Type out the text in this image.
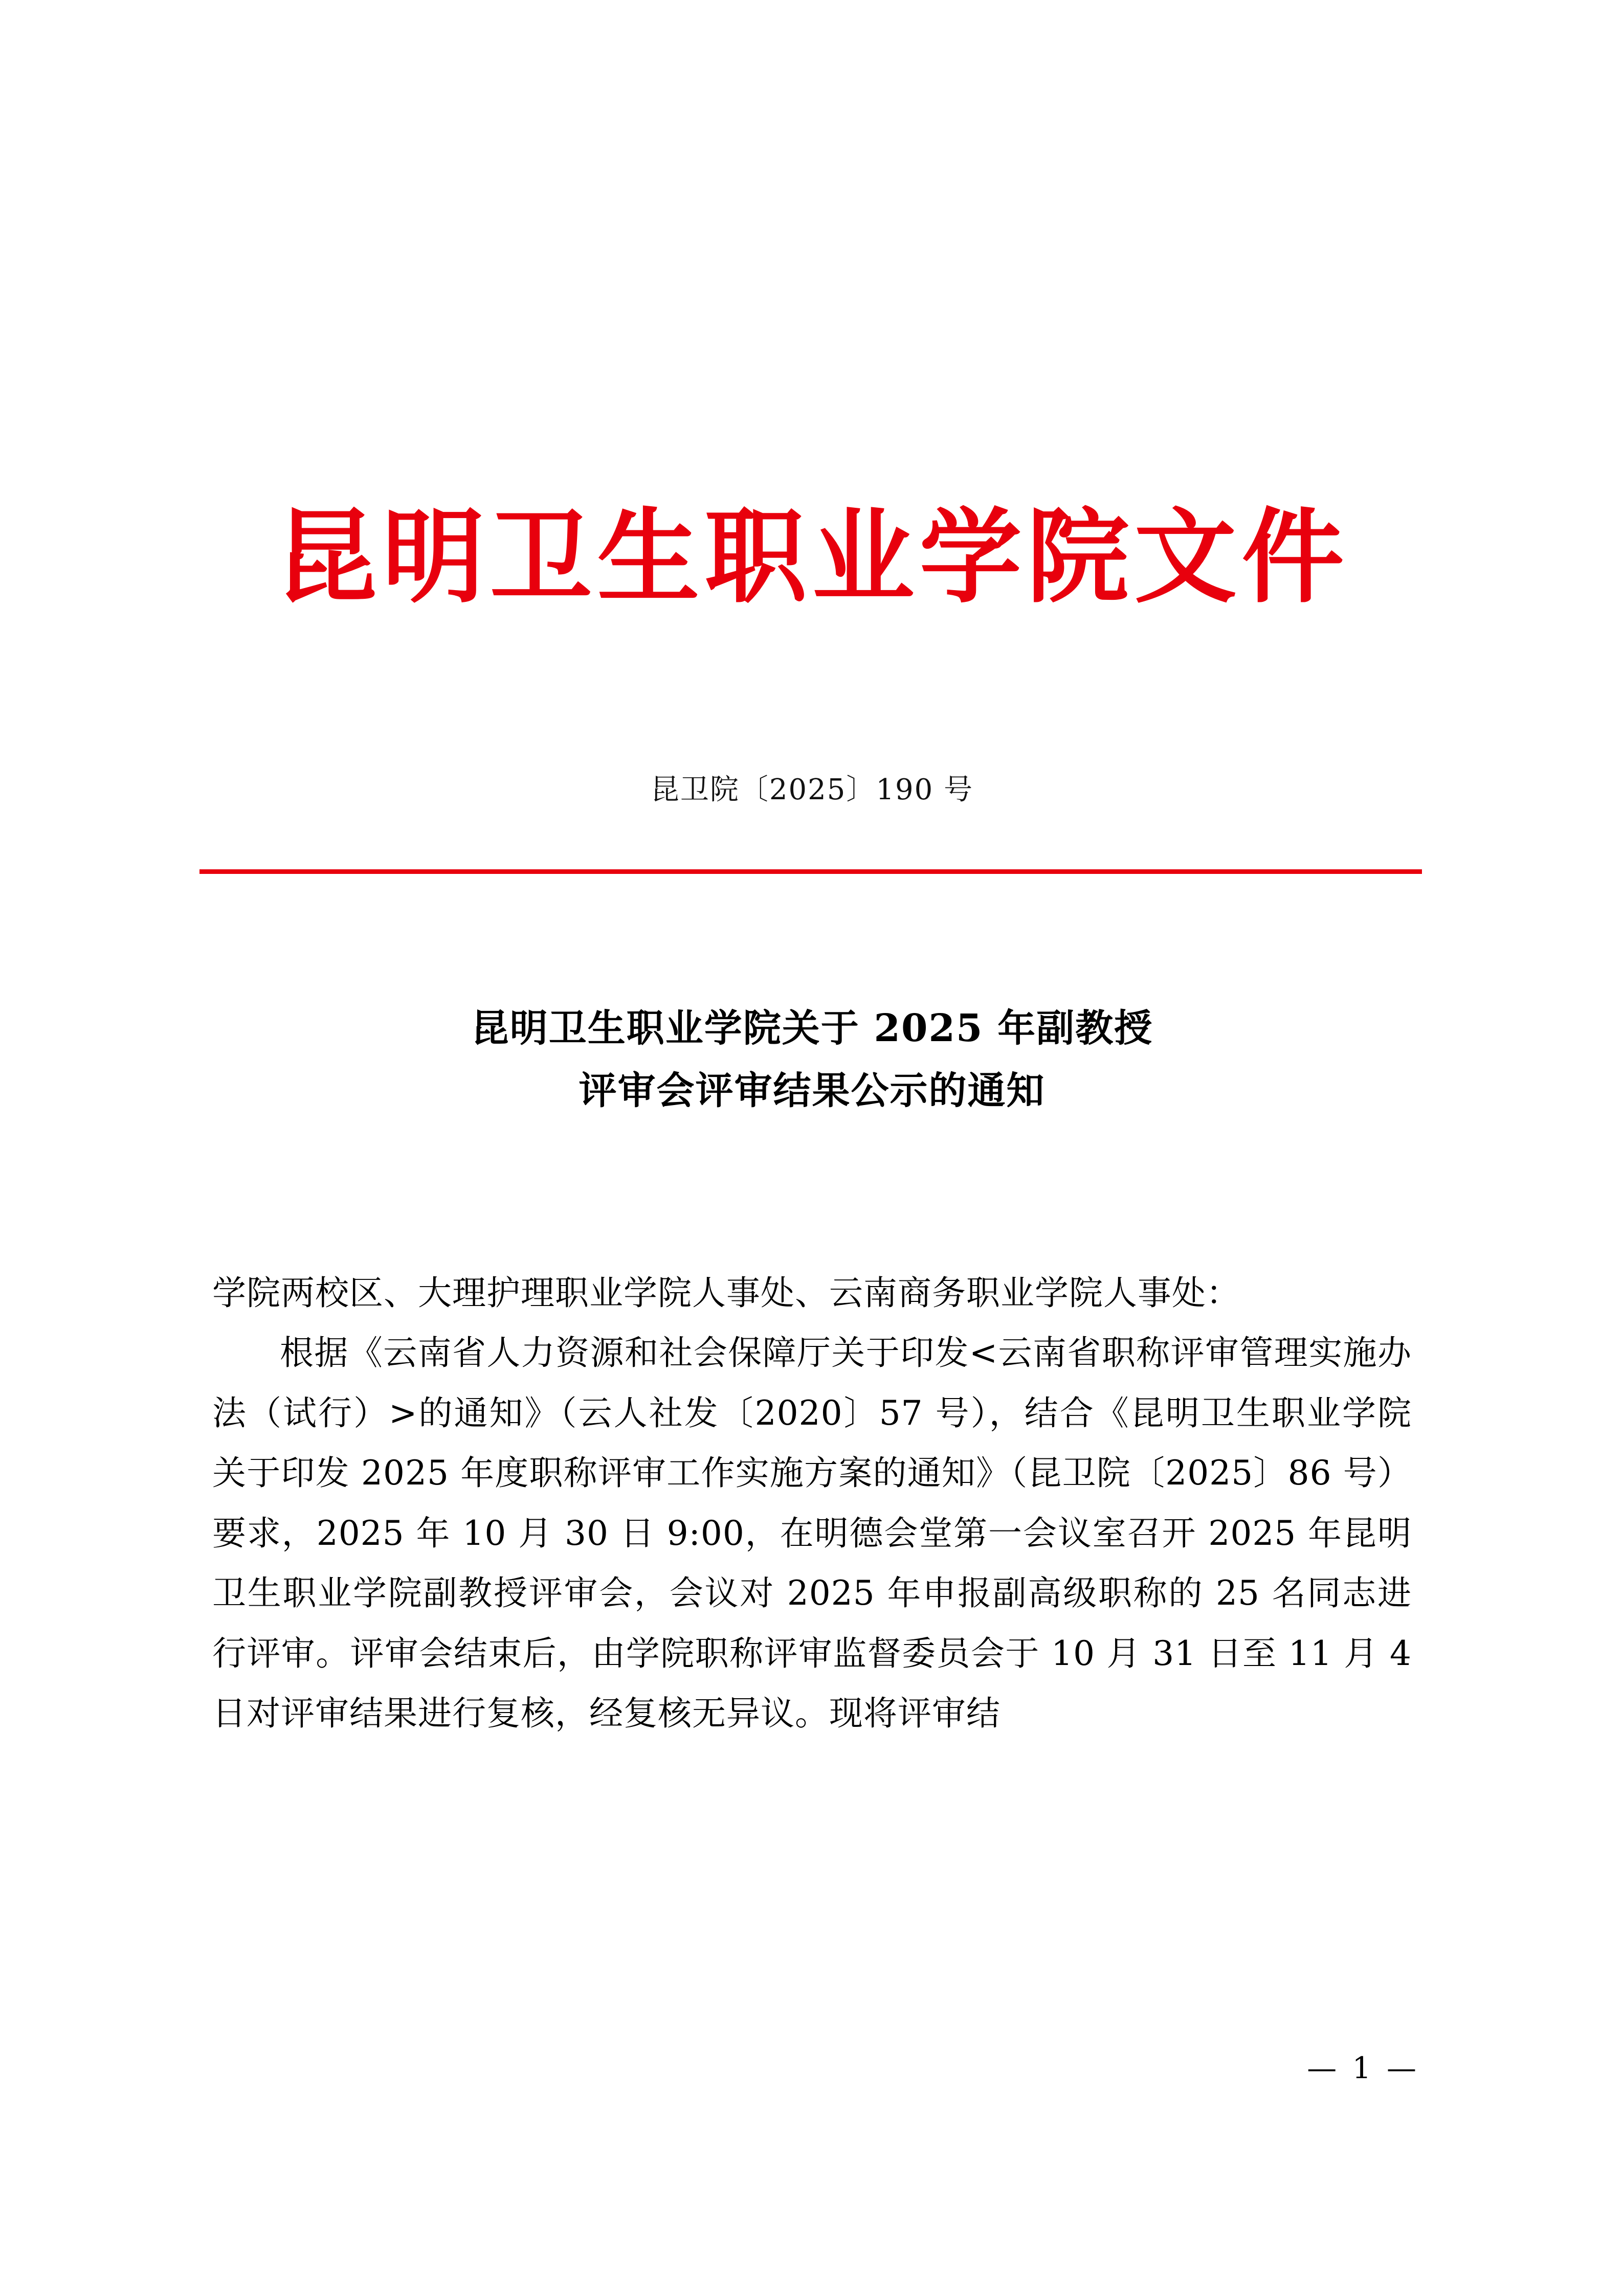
昆明卫生职业学院文件
昆卫院〔2025〕190 号
昆明卫生职业学院关于 2025 年副教授
评审会评审结果公示的通知
学院两校区、大理护理职业学院人事处、云南商务职业学院人事处：
根据《云南省人力资源和社会保障厅关于印发<云南省职称评审管理实施办法（试行）>的通知》（云人社发〔2020〕57 号），结合《昆明卫生职业学院关于印发 2025 年度职称评审工作实施方案的通知》（昆卫院〔2025〕86 号）要求，2025 年 10 月 30 日 9:00，在明德会堂第一会议室召开 2025 年昆明卫生职业学院副教授评审会，会议对 2025 年申报副高级职称的 25 名同志进行评审。评审会结束后，由学院职称评审监督委员会于 10 月 31 日至 11 月 4 日对评审结果进行复核，经复核无异议。现将评审结
— 1 —
